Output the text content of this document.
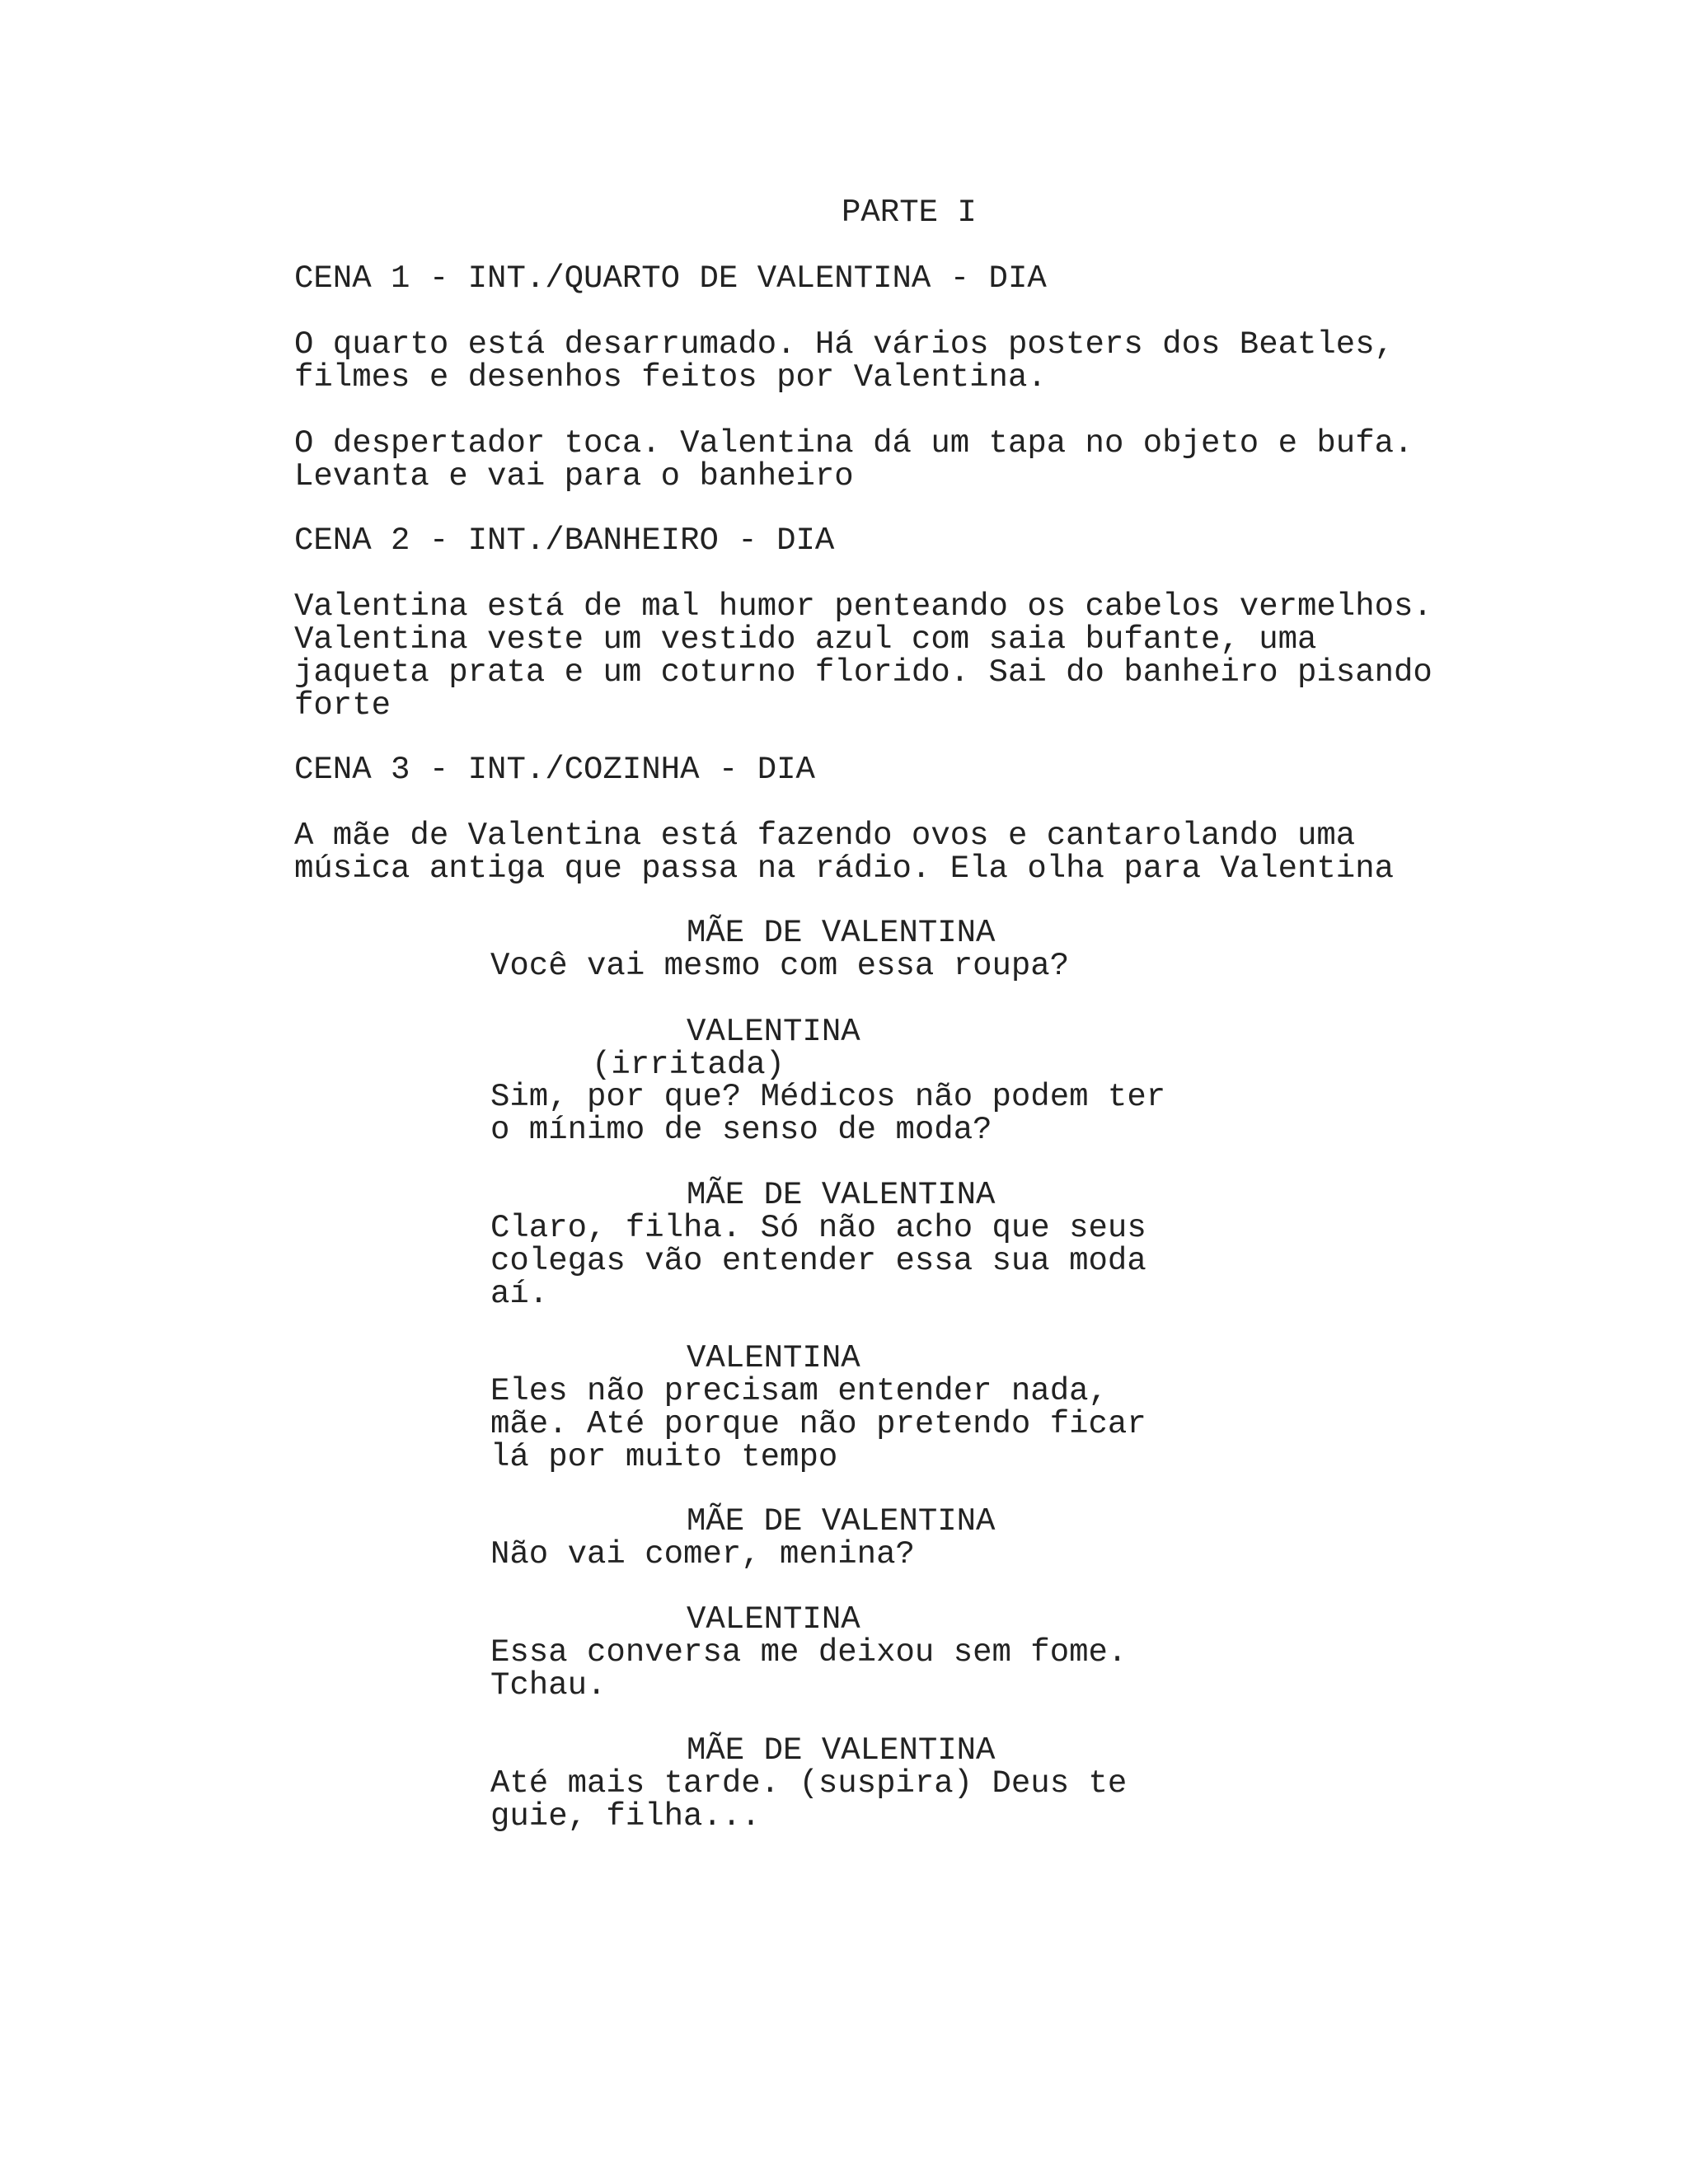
PARTE I
CENA 1 - INT./QUARTO DE VALENTINA - DIA
O quarto está desarrumado. Há vários posters dos Beatles,
filmes e desenhos feitos por Valentina.
O despertador toca. Valentina dá um tapa no objeto e bufa.
Levanta e vai para o banheiro
CENA 2 - INT./BANHEIRO - DIA
Valentina está de mal humor penteando os cabelos vermelhos.
Valentina veste um vestido azul com saia bufante, uma
jaqueta prata e um coturno florido. Sai do banheiro pisando
forte
CENA 3 - INT./COZINHA - DIA
A mãe de Valentina está fazendo ovos e cantarolando uma
música antiga que passa na rádio. Ela olha para Valentina
MÃE DE VALENTINA
Você vai mesmo com essa roupa?
VALENTINA
(irritada)
Sim, por que? Médicos não podem ter
o mínimo de senso de moda?
MÃE DE VALENTINA
Claro, filha. Só não acho que seus
colegas vão entender essa sua moda
aí.
VALENTINA
Eles não precisam entender nada,
mãe. Até porque não pretendo ficar
lá por muito tempo
MÃE DE VALENTINA
Não vai comer, menina?
VALENTINA
Essa conversa me deixou sem fome.
Tchau.
MÃE DE VALENTINA
Até mais tarde. (suspira) Deus te
guie, filha...
